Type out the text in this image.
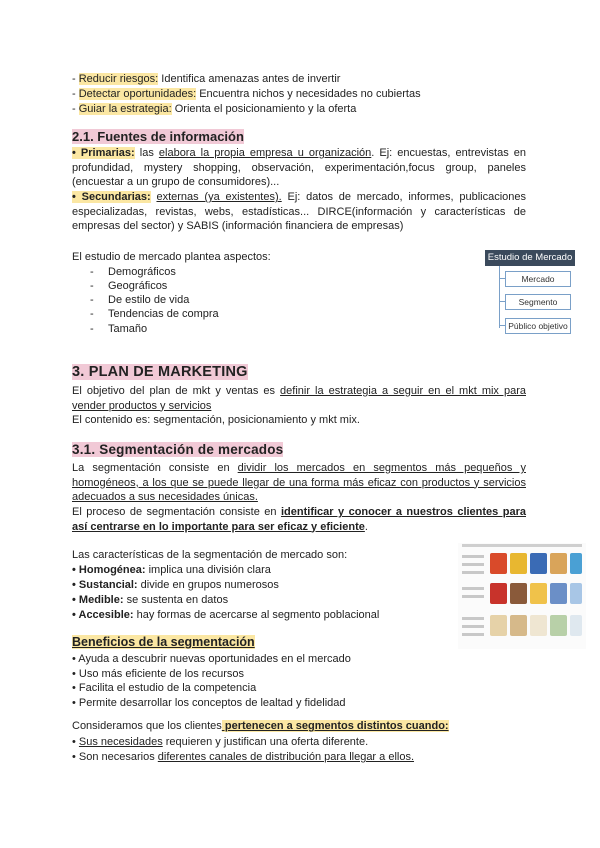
- Reducir riesgos: Identifica amenazas antes de invertir
- Detectar oportunidades: Encuentra nichos y necesidades no cubiertas
- Guiar la estrategia: Orienta el posicionamiento y la oferta
2.1. Fuentes de información
• Primarias: las elabora la propia empresa u organización. Ej: encuestas, entrevistas en profundidad, mystery shopping, observación, experimentación,focus group, paneles (encuestar a un grupo de consumidores)...
• Secundarias: externas (ya existentes). Ej: datos de mercado, informes, publicaciones especializadas, revistas, webs, estadísticas... DIRCE(información y características de empresas del sector) y SABIS (información financiera de empresas)
El estudio de mercado plantea aspectos:
- Demográficos
- Geográficos
- De estilo de vida
- Tendencias de compra
- Tamaño
Estudio de Mercado
Mercado
Segmento
Público objetivo
3. PLAN DE MARKETING
El objetivo del plan de mkt y ventas es definir la estrategia a seguir en el mkt mix para vender productos y servicios
El contenido es: segmentación, posicionamiento y mkt mix.
3.1. Segmentación de mercados
La segmentación consiste en dividir los mercados en segmentos más pequeños y homogéneos, a los que se puede llegar de una forma más eficaz con productos y servicios adecuados a sus necesidades únicas.
El proceso de segmentación consiste en identificar y conocer a nuestros clientes para así centrarse en lo importante para ser eficaz y eficiente.
Las características de la segmentación de mercado son:
• Homogénea: implica una división clara
• Sustancial: divide en grupos numerosos
• Medible: se sustenta en datos
• Accesible: hay formas de acercarse al segmento poblacional
Beneficios de la segmentación
• Ayuda a descubrir nuevas oportunidades en el mercado
• Uso más eficiente de los recursos
• Facilita el estudio de la competencia
• Permite desarrollar los conceptos de lealtad y fidelidad
Consideramos que los clientes pertenecen a segmentos distintos cuando:
• Sus necesidades requieren y justifican una oferta diferente.
• Son necesarios diferentes canales de distribución para llegar a ellos.
